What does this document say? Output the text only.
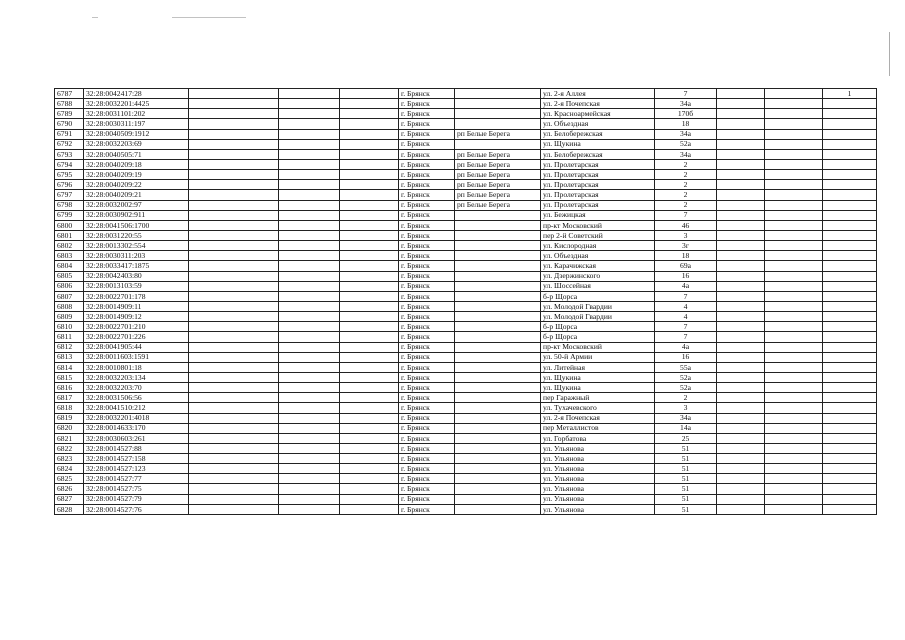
6787	32:28:0042417:28				г. Брянск		ул. 2-я Аллея	7			1
6788	32:28:0032201:4425				г. Брянск		ул. 2-я Почепская	34а			
6789	32:28:0031101:202				г. Брянск		ул. Красноармейская	170б			
6790	32:28:0030311:197				г. Брянск		ул. Объездная	18			
6791	32:28:0040509:1912				г. Брянск	рп Белые Берега	ул. Белобережская	34а			
6792	32:28:0032203:69				г. Брянск		ул. Щукина	52а			
6793	32:28:0040505:71				г. Брянск	рп Белые Берега	ул. Белобережская	34а			
6794	32:28:0040209:18				г. Брянск	рп Белые Берега	ул. Пролетарская	2			
6795	32:28:0040209:19				г. Брянск	рп Белые Берега	ул. Пролетарская	2			
6796	32:28:0040209:22				г. Брянск	рп Белые Берега	ул. Пролетарская	2			
6797	32:28:0040209:21				г. Брянск	рп Белые Берега	ул. Пролетарская	2			
6798	32:28:0032002:97				г. Брянск	рп Белые Берега	ул. Пролетарская	2			
6799	32:28:0030902:911				г. Брянск		ул. Бежицкая	7			
6800	32:28:0041506:1700				г. Брянск		пр-кт Московский	46			
6801	32:28:0031220:55				г. Брянск		пер 2-й Советский	3			
6802	32:28:0013302:554				г. Брянск		ул. Кислородная	3г			
6803	32:28:0030311:203				г. Брянск		ул. Объездная	18			
6804	32:28:0033417:1875				г. Брянск		ул. Карачижская	69а			
6805	32:28:0042403:80				г. Брянск		ул. Дзержинского	16			
6806	32:28:0013103:59				г. Брянск		ул. Шоссейная	4а			
6807	32:28:0022701:178				г. Брянск		б-р Щорса	7			
6808	32:28:0014909:11				г. Брянск		ул. Молодой Гвардии	4			
6809	32:28:0014909:12				г. Брянск		ул. Молодой Гвардии	4			
6810	32:28:0022701:210				г. Брянск		б-р Щорса	7			
6811	32:28:0022701:226				г. Брянск		б-р Щорса	7			
6812	32:28:0041905:44				г. Брянск		пр-кт Московский	4а			
6813	32:28:0011603:1591				г. Брянск		ул. 50-й Армии	16			
6814	32:28:0010801:18				г. Брянск		ул. Литейная	55а			
6815	32:28:0032203:134				г. Брянск		ул. Щукина	52а			
6816	32:28:0032203:70				г. Брянск		ул. Щукина	52а			
6817	32:28:0031506:56				г. Брянск		пер Гаражный	2			
6818	32:28:0041510:212				г. Брянск		ул. Тухачевского	3			
6819	32:28:0032201:4018				г. Брянск		ул. 2-я Почепская	34а			
6820	32:28:0014633:170				г. Брянск		пер Металлистов	14а			
6821	32:28:0030603:261				г. Брянск		ул. Горбатова	25			
6822	32:28:0014527:88				г. Брянск		ул. Ульянова	51			
6823	32:28:0014527:158				г. Брянск		ул. Ульянова	51			
6824	32:28:0014527:123				г. Брянск		ул. Ульянова	51			
6825	32:28:0014527:77				г. Брянск		ул. Ульянова	51			
6826	32:28:0014527:75				г. Брянск		ул. Ульянова	51			
6827	32:28:0014527:79				г. Брянск		ул. Ульянова	51			
6828	32:28:0014527:76				г. Брянск		ул. Ульянова	51			
